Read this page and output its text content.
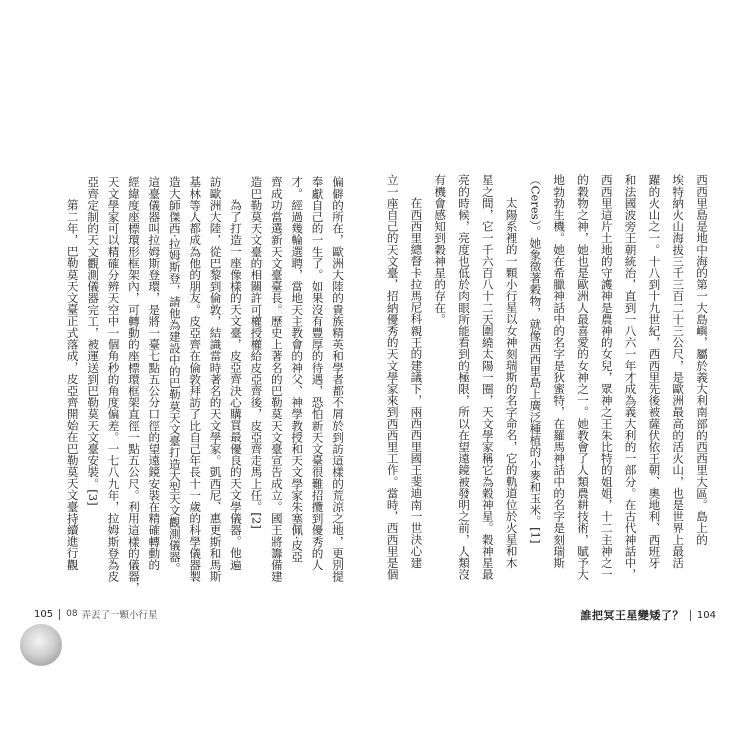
西西里島是地中海的第一大島嶼，屬於義大利南部的西西里大區。島上的
埃特納火山海拔三千三百二十三公尺，是歐洲最高的活火山，也是世界上最活
躍的火山之一。十八到十九世紀，西西里先後被薩伏依王朝、奧地利、西班牙
和法國波旁王朝統治，直到一八六一年才成為義大利的一部分。在古代神話中，
西西里這片土地的守護神是農神的女兒，眾神之王朱比特的姐姐，十二主神之一
的穀物之神，她也是歐洲人最喜愛的女神之一。她教會了人類農耕技術，賦予大
地勃勃生機。她在希臘神話中的名字是狄蜜特，在羅馬神話中的名字是刻瑞斯
（Ceres）。她象徵著穀物，就像西西里島上廣泛種植的小麥和玉米。[1]
太陽系裡的一顆小行星以女神刻瑞斯的名字命名，它的軌道位於火星和木
星之間，它一千六百八十二天圍繞太陽一圈，天文學家稱它為穀神星。穀神星最
亮的時候，亮度也低於肉眼所能看到的極限，所以在望遠鏡被發明之前，人類沒
有機會感知到穀神星的存在。
在西西里總督卡拉馬尼科親王的建議下，兩西西里國王斐迪南一世決心建
立一座自己的天文臺，招納優秀的天文學家來到西西里工作。當時，西西里是個
偏僻的所在，歐洲大陸的貴族精英和學者都不屑於到訪這樣的荒涼之地，更別提
奉獻自己的一生了。如果沒有豐厚的待遇，恐怕新天文臺很難招攬到優秀的人
才。經過幾輪選聘，當地天主教會的神父、神學教授和天文學家朱塞佩·皮亞
齊成功當選新天文臺臺長。歷史上著名的巴勒莫天文臺宣告成立。國王將籌備建
造巴勒莫天文臺的相關許可權授權給皮亞齊後，皮亞齊走馬上任。[2]
為了打造一座像樣的天文臺，皮亞齊決心購買最優良的天文學儀器。他遍
訪歐洲大陸，從巴黎到倫敦，結識當時著名的天文學家。凱西尼、惠更斯和馬斯
基林等人都成為他的朋友。皮亞齊在倫敦拜訪了比自己年長十一歲的科學儀器製
造大師傑西·拉姆斯登，請他為建設中的巴勒莫天文臺打造大型天文觀測儀器。
這臺儀器叫拉姆斯登環，是將一臺七點五公分口徑的望遠鏡安裝在精確轉動的
經緯度座標環形框架內，可轉動的座標環框架直徑一點五公尺。利用這樣的儀器，
天文學家可以精確分辨天空中一個角秒的角度偏差。一七八九年，拉姆斯登為皮
亞齊定制的天文觀測儀器完工，被運送到巴勒莫天文臺安裝。[3]
第二年，巴勒莫天文臺正式落成，皮亞齊開始在巴勒莫天文臺持續進行觀
誰把冥王星變矮了？ 104
105 08 弄丟了一顆小行星
